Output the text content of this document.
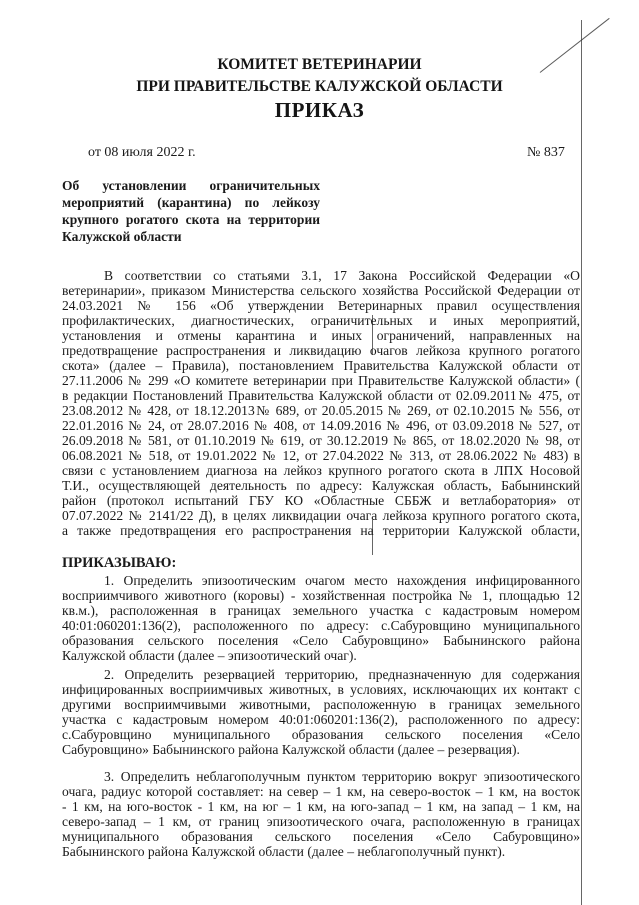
КОМИТЕТ ВЕТЕРИНАРИИ
ПРИ ПРАВИТЕЛЬСТВЕ КАЛУЖСКОЙ ОБЛАСТИ
ПРИКАЗ
от 08 июля 2022 г.	№ 837
Об установлении ограничительных
мероприятий (карантина) по лейкозу
крупного рогатого скота на территории
Калужской области
В соответствии со статьями 3.1, 17 Закона Российской Федерации «О
ветеринарии», приказом Министерства сельского хозяйства Российской Федерации от
24.03.2021 № 156 «Об утверждении Ветеринарных правил осуществления
профилактических, диагностических, ограничительных и иных мероприятий,
установления и отмены карантина и иных ограничений, направленных на
предотвращение распространения и ликвидацию очагов лейкоза крупного рогатого
скота» (далее – Правила), постановлением Правительства Калужской области от
27.11.2006 № 299 «О комитете ветеринарии при Правительстве Калужской области» (
в редакции Постановлений Правительства Калужской области от 02.09.2011№ 475, от
23.08.2012 № 428, от 18.12.2013№ 689, от 20.05.2015 № 269, от 02.10.2015 № 556, от
22.01.2016 № 24, от 28.07.2016 № 408, от 14.09.2016 № 496, от 03.09.2018 № 527, от
26.09.2018 № 581, от 01.10.2019 № 619, от 30.12.2019 № 865, от 18.02.2020 № 98, от
06.08.2021 № 518, от 19.01.2022 № 12, от 27.04.2022 № 313, от 28.06.2022 № 483) в
связи с установлением диагноза на лейкоз крупного рогатого скота в ЛПХ Носовой
Т.И., осуществляющей деятельность по адресу: Калужская область, Бабынинский
район (протокол испытаний ГБУ КО «Областные СББЖ и ветлаборатория» от
07.07.2022 № 2141/22 Д), в целях ликвидации очага лейкоза крупного рогатого скота,
а также предотвращения его распространения на территории Калужской области,
ПРИКАЗЫВАЮ:
1. Определить эпизоотическим очагом место нахождения инфицированного
восприимчивого животного (коровы) - хозяйственная постройка № 1, площадью 12
кв.м.), расположенная в границах земельного участка с кадастровым номером
40:01:060201:136(2), расположенного по адресу: с.Сабуровщино муниципального
образования сельского поселения «Село Сабуровщино» Бабынинского района
Калужской области (далее – эпизоотический очаг).
2. Определить резервацией территорию, предназначенную для содержания
инфицированных восприимчивых животных, в условиях, исключающих их контакт с
другими восприимчивыми животными, расположенную в границах земельного
участка с кадастровым номером 40:01:060201:136(2), расположенного по адресу:
с.Сабуровщино муниципального образования сельского поселения «Село
Сабуровщино» Бабынинского района Калужской области (далее – резервация).
3. Определить неблагополучным пунктом территорию вокруг эпизоотического
очага, радиус которой составляет: на север – 1 км, на северо-восток – 1 км, на восток
- 1 км, на юго-восток - 1 км, на юг – 1 км, на юго-запад – 1 км, на запад – 1 км, на
северо-запад – 1 км, от границ эпизоотического очага, расположенную в границах
муниципального образования сельского поселения «Село Сабуровщино»
Бабынинского района Калужской области (далее – неблагополучный пункт).
